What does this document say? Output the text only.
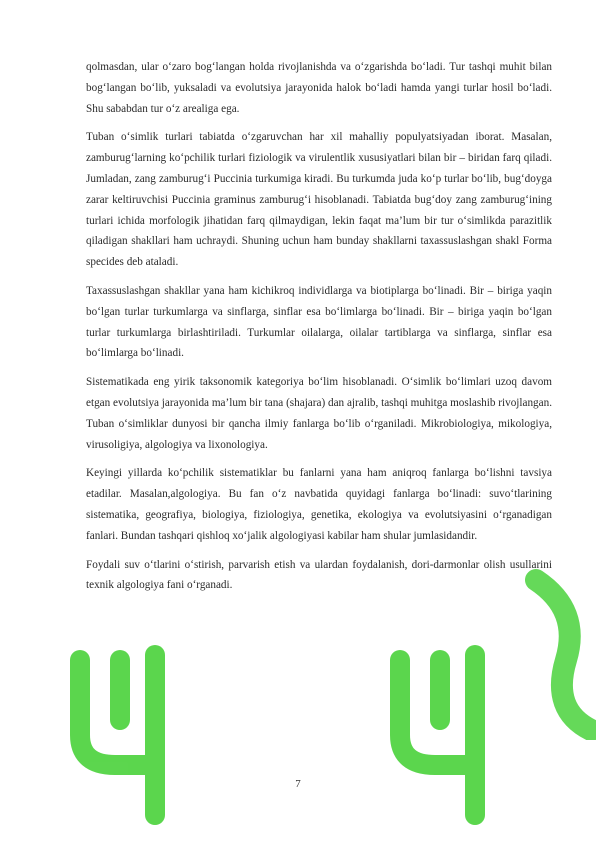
qolmasdan, ular o‘zaro bog‘langan holda rivojlanishda va o‘zgarishda bo‘ladi. Tur tashqi muhit bilan bog‘langan bo‘lib, yuksaladi va evolutsiya jarayonida halok bo‘ladi hamda yangi turlar hosil bo‘ladi. Shu sababdan tur o‘z arealiga ega.

Tuban o‘simlik turlari tabiatda o‘zgaruvchan har xil mahalliy populyatsiyadan iborat. Masalan, zamburug‘larning ko‘pchilik turlari fiziologik va virulentlik xususiyatlari bilan bir – biridan farq qiladi. Jumladan, zang zamburug‘i Puccinia turkumiga kiradi. Bu turkumda juda ko‘p turlar bo‘lib, bug‘doyga zarar keltiruvchisi Puccinia graminus zamburug‘i hisoblanadi. Tabiatda bug‘doy zang zamburug‘ining turlari ichida morfologik jihatidan farq qilmaydigan, lekin faqat ma’lum bir tur o‘simlikda parazitlik qiladigan shakllari ham uchraydi. Shuning uchun ham bunday shakllarni taxassuslashgan shakl Forma specides deb ataladi.

Taxassuslashgan shakllar yana ham kichikroq individlarga va biotiplarga bo‘linadi. Bir – biriga yaqin bo‘lgan turlar turkumlarga va sinflarga, sinflar esa bo‘limlarga bo‘linadi. Bir – biriga yaqin bo‘lgan turlar turkumlarga birlashtiriladi. Turkumlar oilalarga, oilalar tartiblarga va sinflarga, sinflar esa bo‘limlarga bo‘linadi.

Sistematikada eng yirik taksonomik kategoriya bo‘lim hisoblanadi. O‘simlik bo‘limlari uzoq davom etgan evolutsiya jarayonida ma’lum bir tana (shajara) dan ajralib, tashqi muhitga moslashib rivojlangan. Tuban o‘simliklar dunyosi bir qancha ilmiy fanlarga bo‘lib o‘rganiladi. Mikrobiologiya, mikologiya, virusoligiya, algologiya va lixonologiya.

Keyingi yillarda ko‘pchilik sistematiklar bu fanlarni yana ham aniqroq fanlarga bo‘lishni tavsiya etadilar. Masalan,algologiya. Bu fan o‘z navbatida quyidagi fanlarga bo‘linadi: suvo‘tlarining sistematika, geografiya, biologiya, fiziologiya, genetika, ekologiya va evolutsiyasini o‘rganadigan fanlari. Bundan tashqari qishloq xo‘jalik algologiyasi kabilar ham shular jumlasidandir.

Foydali suv o‘tlarini o‘stirish, parvarish etish va ulardan foydalanish, dori-darmonlar olish usullarini texnik algologiya fani o‘rganadi.

7
